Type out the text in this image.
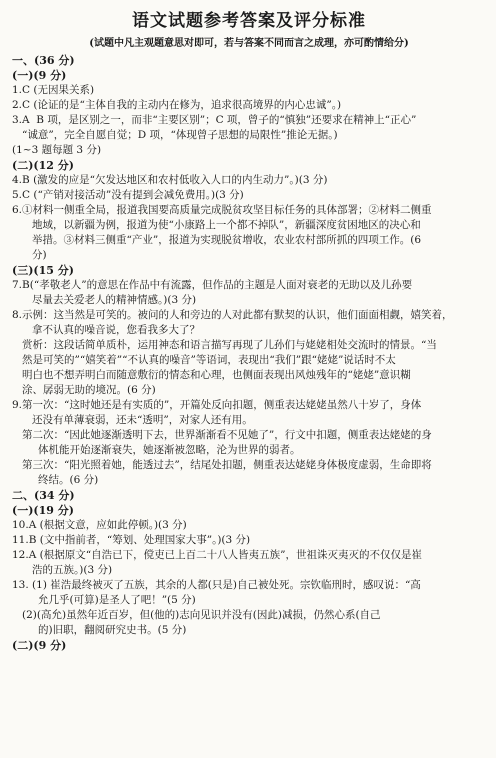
语文试题参考答案及评分标准
(试题中凡主观题意思对即可，若与答案不同而言之成理，亦可酌情给分)
一、(36 分)
(一)(9 分)
1.C (无因果关系)
2.C (论证的是“主体自我的主动内在修为，追求很高境界的内心忠诚”。)
3.A  B 项，是区别之一，而非“主要区别”；C 项，曾子的“慎独”还要求在精神上“正心”
“诚意”，完全自愿自觉；D 项，“体现曾子思想的局限性”推论无据。)
(1~3 题每题 3 分)
(二)(12 分)
4.B (激发的应是“欠发达地区和农村低收入人口的内生动力”。)(3 分)
5.C (“产销对接活动”没有提到会减免费用。)(3 分)
6.①材料一侧重全局，报道我国要高质量完成脱贫攻坚目标任务的具体部署；②材料二侧重
地域，以新疆为例，报道为使“小康路上一个都不掉队”，新疆深度贫困地区的决心和
举措。③材料三侧重“产业”，报道为实现脱贫增收，农业农村部所抓的四项工作。(6
分)
(三)(15 分)
7.B(“孝敬老人”的意思在作品中有流露，但作品的主题是人面对衰老的无助以及儿孙要
尽量去关爱老人的精神情感。)(3 分)
8.示例：这当然是可笑的。被问的人和旁边的人对此都有默契的认识，他们面面相觑，嬉笑着，
拿不认真的噪音说，您看我多大了？
赏析：这段话简单质朴，运用神态和语言描写再现了儿孙们与姥姥相处交流时的情景。“当
然是可笑的”“嬉笑着”“不认真的噪音”等语词，表现出“我们”跟“姥姥”说话时不太
明白也不想弄明白而随意敷衍的情态和心理，也侧面表现出风烛残年的“姥姥”意识糊
涂、孱弱无助的境况。(6 分)
9.第一次：“这时她还是有实质的”，开篇处反向扣题，侧重表达姥姥虽然八十岁了，身体
还没有单薄衰弱，还未“透明”，对家人还有用。
第二次：“因此她逐渐透明下去，世界渐渐看不见她了”，行文中扣题，侧重表达姥姥的身
体机能开始逐渐衰失，她逐渐被忽略，沦为世界的弱者。
第三次：“阳光照着她，能透过去”，结尾处扣题，侧重表达姥姥身体极度虚弱，生命即将
终结。(6 分)
二、(34 分)
(一)(19 分)
10.A (根据文意，应如此停顿。)(3 分)
11.B (文中指前者，“筹划、处理国家大事”。)(3 分)
12.A (根据原文“自浩已下，傥吏已上百二十八人皆夷五族”，世祖诛灭夷灭的不仅仅是崔
浩的五族。)(3 分)
13. (1) 崔浩最终被灭了五族，其余的人都(只是)自己被处死。宗钦临刑时，感叹说：“高
允几乎(可算)是圣人了吧！”(5 分)
(2)(高允)虽然年近百岁，但(他的)志向见识并没有(因此)减损，仍然心系(自己
的)旧职，翻阅研究史书。(5 分)
(二)(9 分)
